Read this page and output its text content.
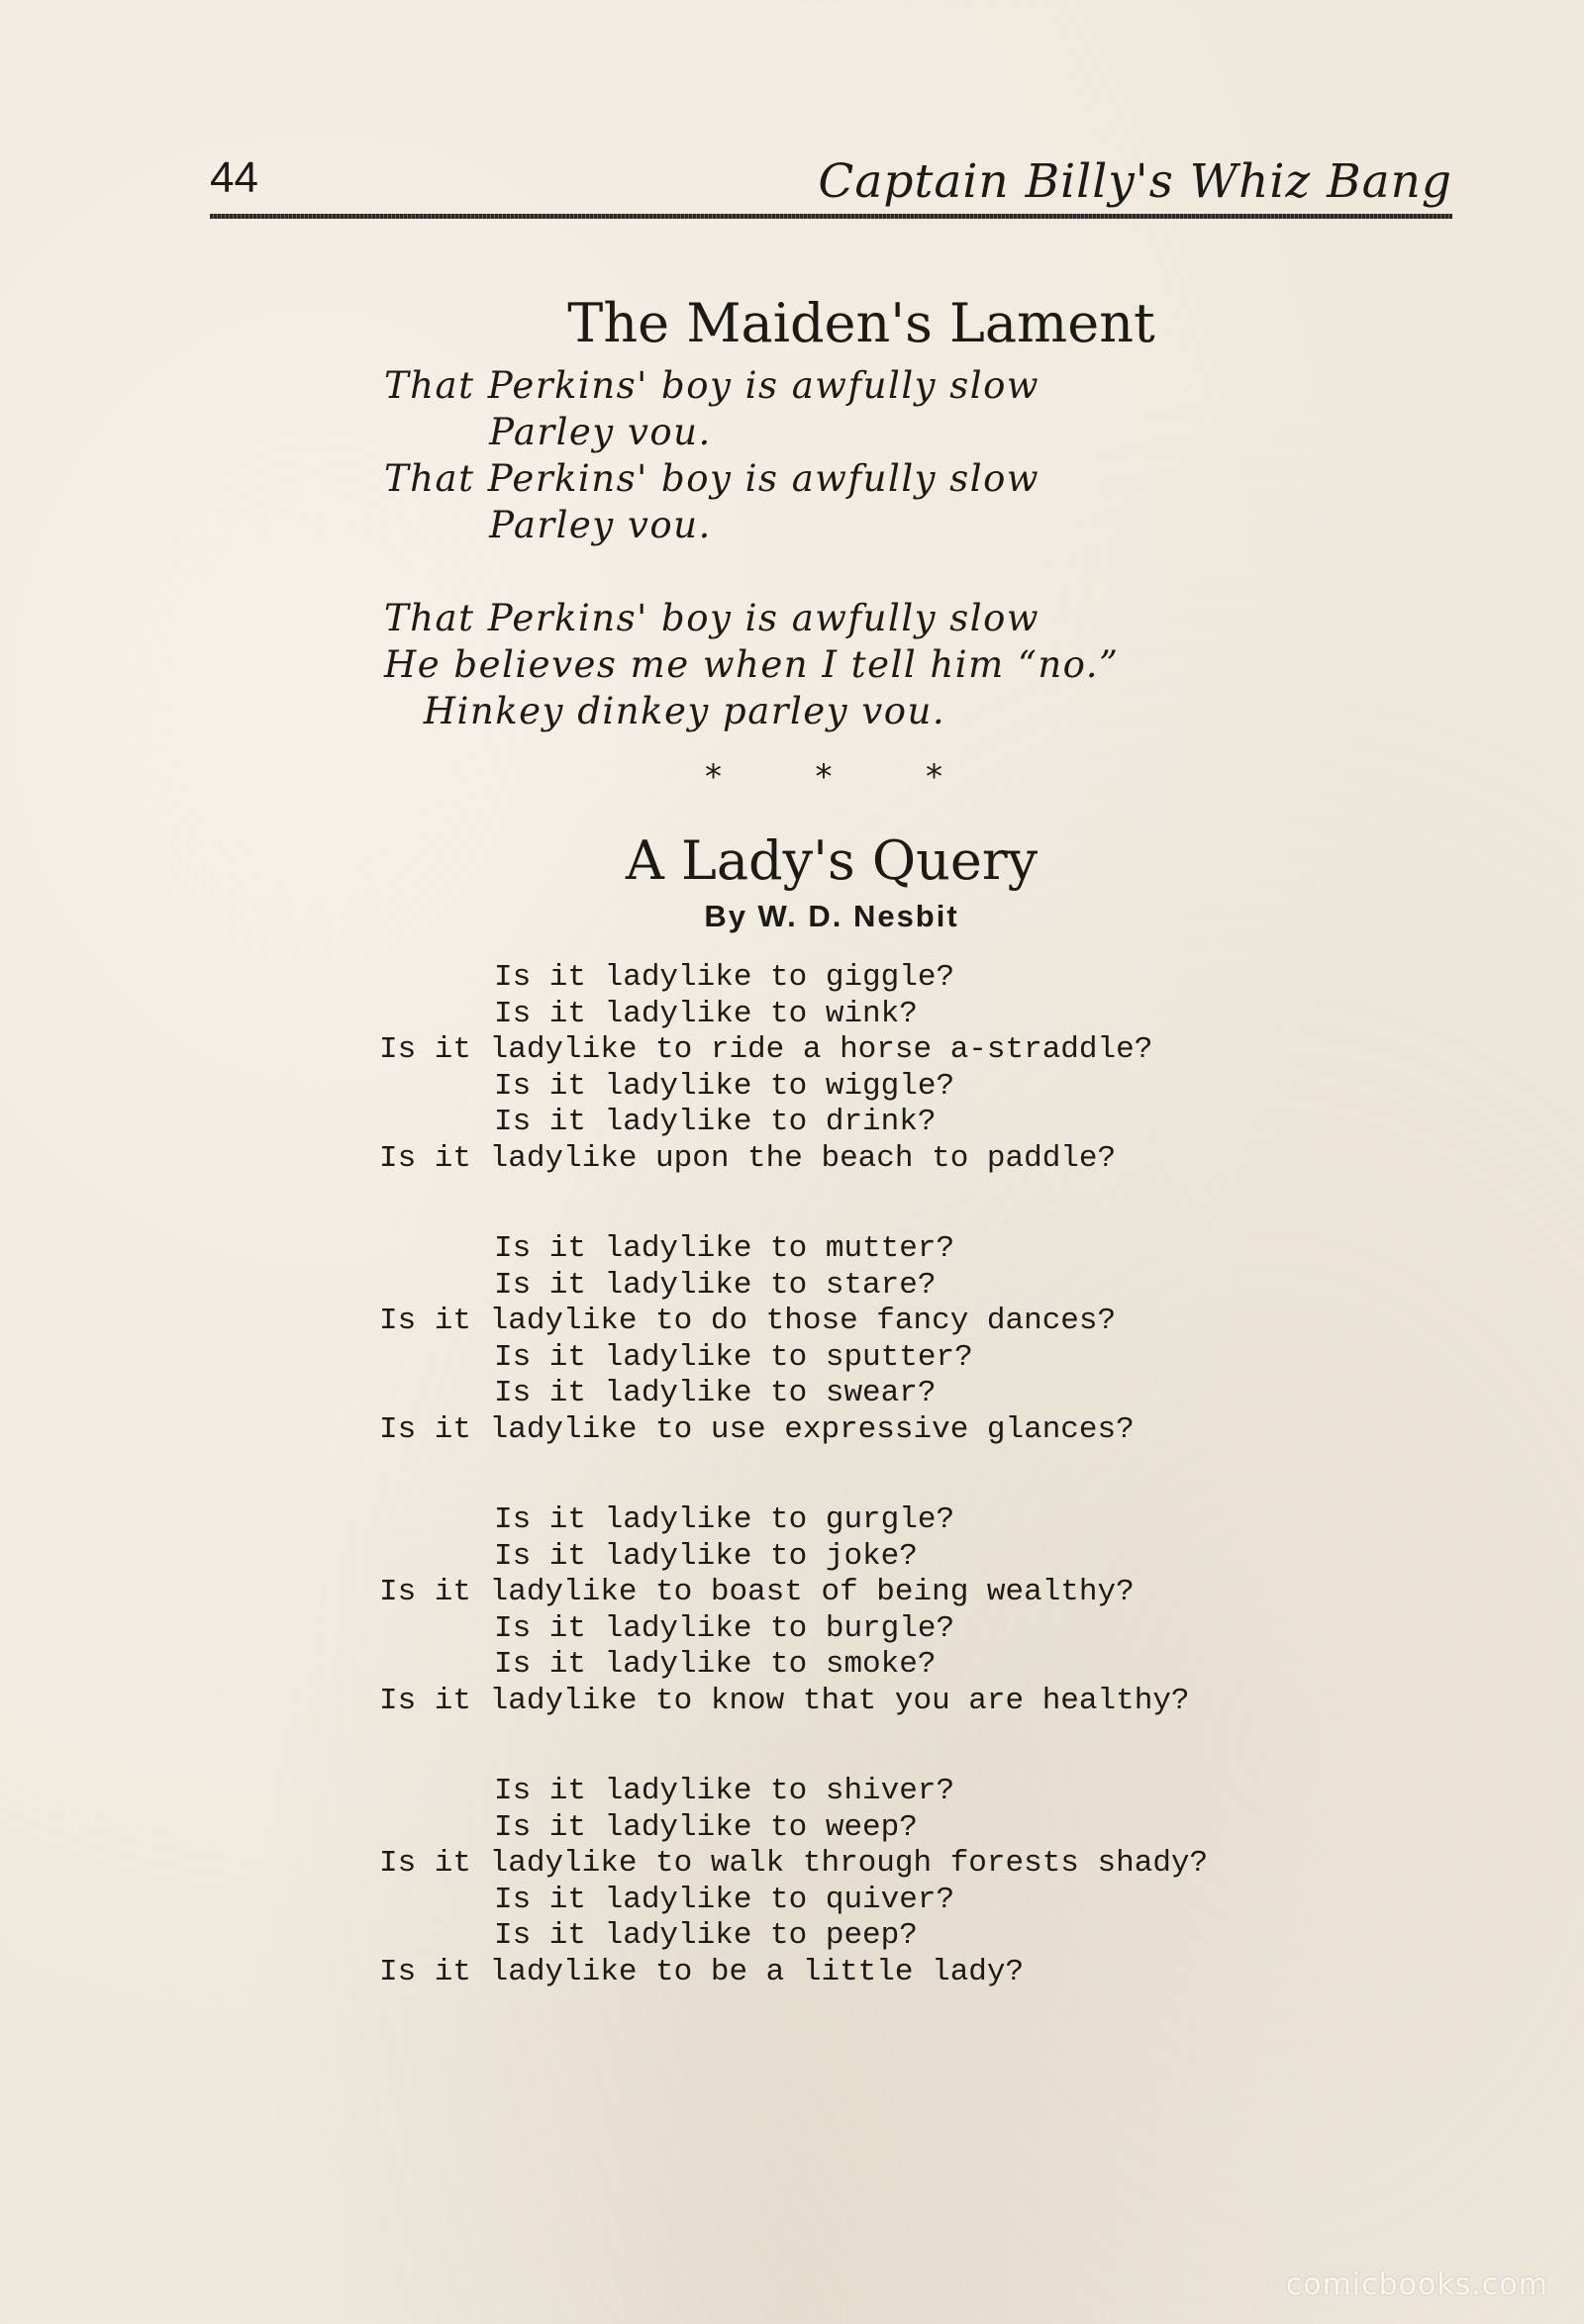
44	Captain Billy's Whiz Bang
The Maiden's Lament
That Perkins' boy is awfully slow
Parley vou.
That Perkins' boy is awfully slow
Parley vou.
That Perkins' boy is awfully slow
He believes me when I tell him “no.”
Hinkey dinkey parley vou.
*	*	*
A Lady's Query
By W. D. Nesbit
Is it ladylike to giggle?
Is it ladylike to wink?
Is it ladylike to ride a horse a-straddle?
Is it ladylike to wiggle?
Is it ladylike to drink?
Is it ladylike upon the beach to paddle?
Is it ladylike to mutter?
Is it ladylike to stare?
Is it ladylike to do those fancy dances?
Is it ladylike to sputter?
Is it ladylike to swear?
Is it ladylike to use expressive glances?
Is it ladylike to gurgle?
Is it ladylike to joke?
Is it ladylike to boast of being wealthy?
Is it ladylike to burgle?
Is it ladylike to smoke?
Is it ladylike to know that you are healthy?
Is it ladylike to shiver?
Is it ladylike to weep?
Is it ladylike to walk through forests shady?
Is it ladylike to quiver?
Is it ladylike to peep?
Is it ladylike to be a little lady?
comicbooks.com
